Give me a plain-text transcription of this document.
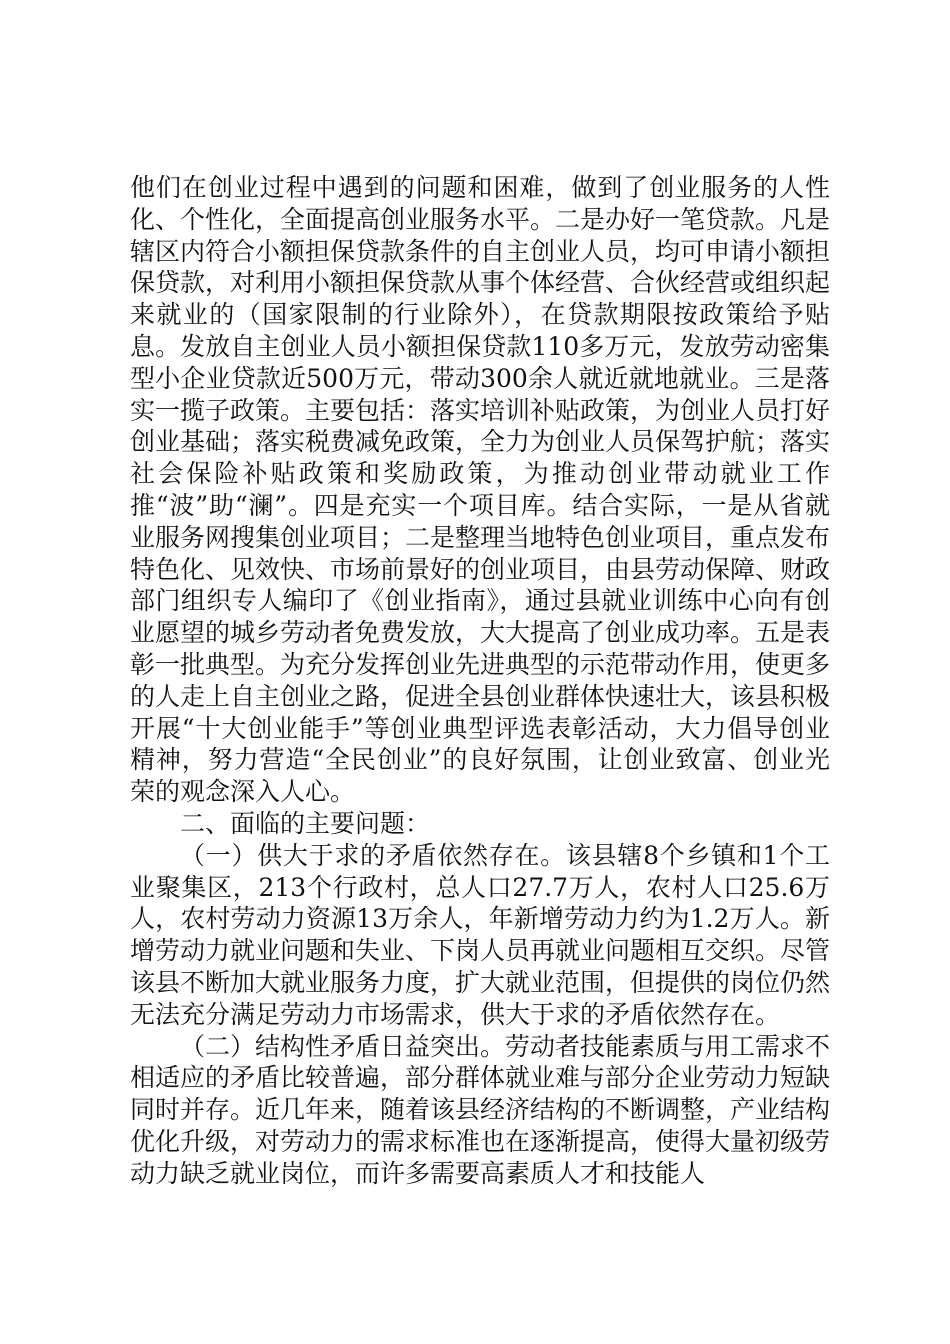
他们在创业过程中遇到的问题和困难，做到了创业服务的人性化、个性化，全面提高创业服务水平。二是办好一笔贷款。凡是辖区内符合小额担保贷款条件的自主创业人员，均可申请小额担保贷款，对利用小额担保贷款从事个体经营、合伙经营或组织起来就业的（国家限制的行业除外），在贷款期限按政策给予贴息。发放自主创业人员小额担保贷款110多万元，发放劳动密集型小企业贷款近500万元，带动300余人就近就地就业。三是落实一揽子政策。主要包括：落实培训补贴政策，为创业人员打好创业基础；落实税费减免政策，全力为创业人员保驾护航；落实社会保险补贴政策和奖励政策，为推动创业带动就业工作推“波”助“澜”。四是充实一个项目库。结合实际，一是从省就业服务网搜集创业项目；二是整理当地特色创业项目，重点发布特色化、见效快、市场前景好的创业项目，由县劳动保障、财政部门组织专人编印了《创业指南》，通过县就业训练中心向有创业愿望的城乡劳动者免费发放，大大提高了创业成功率。五是表彰一批典型。为充分发挥创业先进典型的示范带动作用，使更多的人走上自主创业之路，促进全县创业群体快速壮大，该县积极开展“十大创业能手”等创业典型评选表彰活动，大力倡导创业精神，努力营造“全民创业”的良好氛围，让创业致富、创业光荣的观念深入人心。

二、面临的主要问题：

（一）供大于求的矛盾依然存在。该县辖8个乡镇和1个工业聚集区，213个行政村，总人口27.7万人，农村人口25.6万人，农村劳动力资源13万余人，年新增劳动力约为1.2万人。新增劳动力就业问题和失业、下岗人员再就业问题相互交织。尽管该县不断加大就业服务力度，扩大就业范围，但提供的岗位仍然无法充分满足劳动力市场需求，供大于求的矛盾依然存在。

（二）结构性矛盾日益突出。劳动者技能素质与用工需求不相适应的矛盾比较普遍，部分群体就业难与部分企业劳动力短缺同时并存。近几年来，随着该县经济结构的不断调整，产业结构优化升级，对劳动力的需求标准也在逐渐提高，使得大量初级劳动力缺乏就业岗位，而许多需要高素质人才和技能人
